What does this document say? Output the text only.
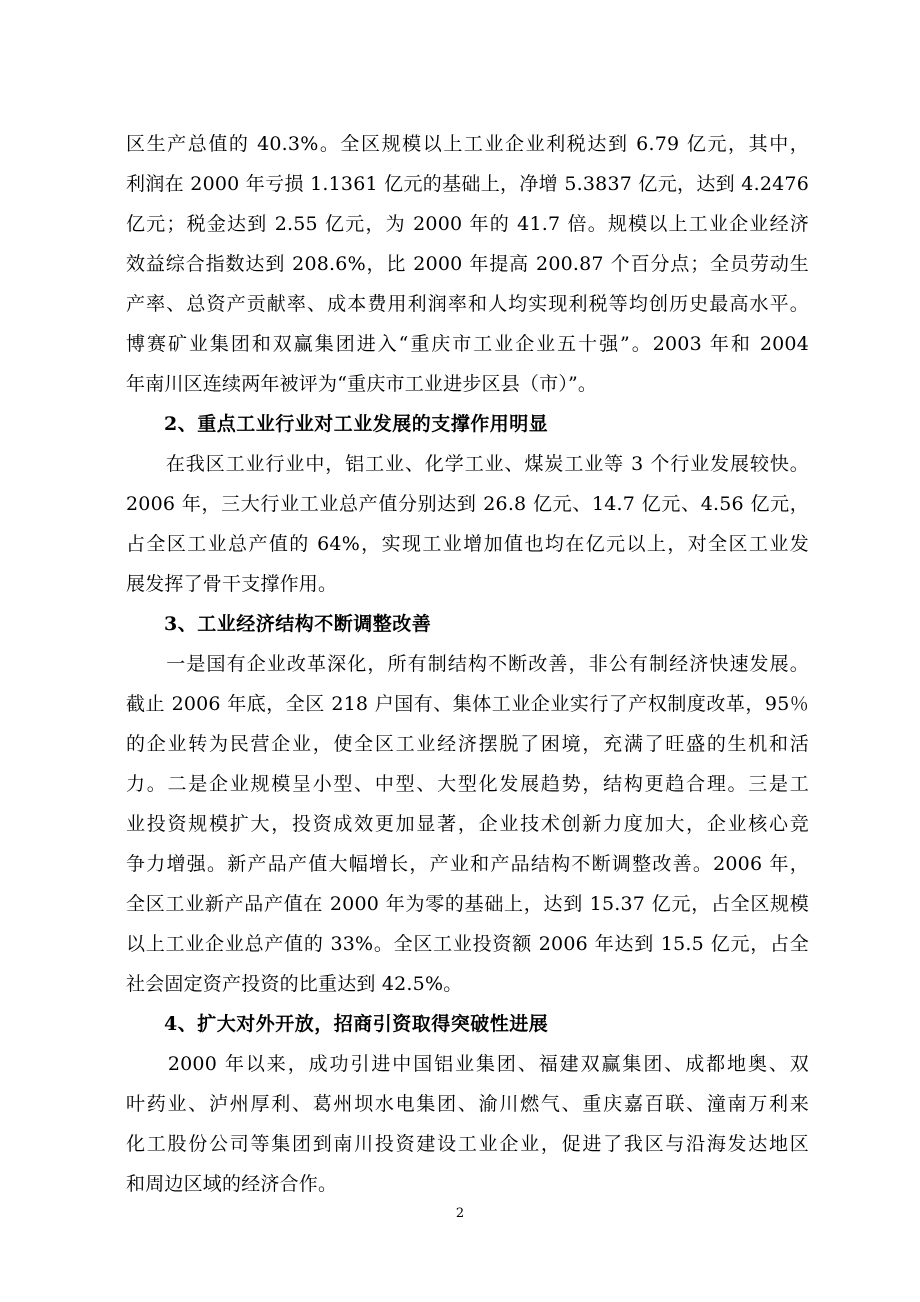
区生产总值的 40.3%。全区规模以上工业企业利税达到 6.79 亿元，其中，
利润在 2000 年亏损 1.1361 亿元的基础上，净增 5.3837 亿元，达到 4.2476
亿元；税金达到 2.55 亿元，为 2000 年的 41.7 倍。规模以上工业企业经济
效益综合指数达到 208.6%，比 2000 年提高 200.87 个百分点；全员劳动生
产率、总资产贡献率、成本费用利润率和人均实现利税等均创历史最高水平。
博赛矿业集团和双赢集团进入“重庆市工业企业五十强”。2003 年和 2004
年南川区连续两年被评为“重庆市工业进步区县（市）”。
2、重点工业行业对工业发展的支撑作用明显
　　在我区工业行业中，铝工业、化学工业、煤炭工业等 3 个行业发展较快。
2006 年，三大行业工业总产值分别达到 26.8 亿元、14.7 亿元、4.56 亿元，
占全区工业总产值的 64%，实现工业增加值也均在亿元以上，对全区工业发
展发挥了骨干支撑作用。
3、工业经济结构不断调整改善
　　一是国有企业改革深化，所有制结构不断改善，非公有制经济快速发展。
截止 2006 年底，全区 218 户国有、集体工业企业实行了产权制度改革，95％
的企业转为民营企业，使全区工业经济摆脱了困境，充满了旺盛的生机和活
力。二是企业规模呈小型、中型、大型化发展趋势，结构更趋合理。三是工
业投资规模扩大，投资成效更加显著，企业技术创新力度加大，企业核心竞
争力增强。新产品产值大幅增长，产业和产品结构不断调整改善。2006 年，
全区工业新产品产值在 2000 年为零的基础上，达到 15.37 亿元，占全区规模
以上工业企业总产值的 33%。全区工业投资额 2006 年达到 15.5 亿元，占全
社会固定资产投资的比重达到 42.5%。
4、扩大对外开放，招商引资取得突破性进展
　　2000 年以来，成功引进中国铝业集团、福建双赢集团、成都地奥、双
叶药业、泸州厚利、葛州坝水电集团、渝川燃气、重庆嘉百联、潼南万利来
化工股份公司等集团到南川投资建设工业企业，促进了我区与沿海发达地区
和周边区域的经济合作。
2
